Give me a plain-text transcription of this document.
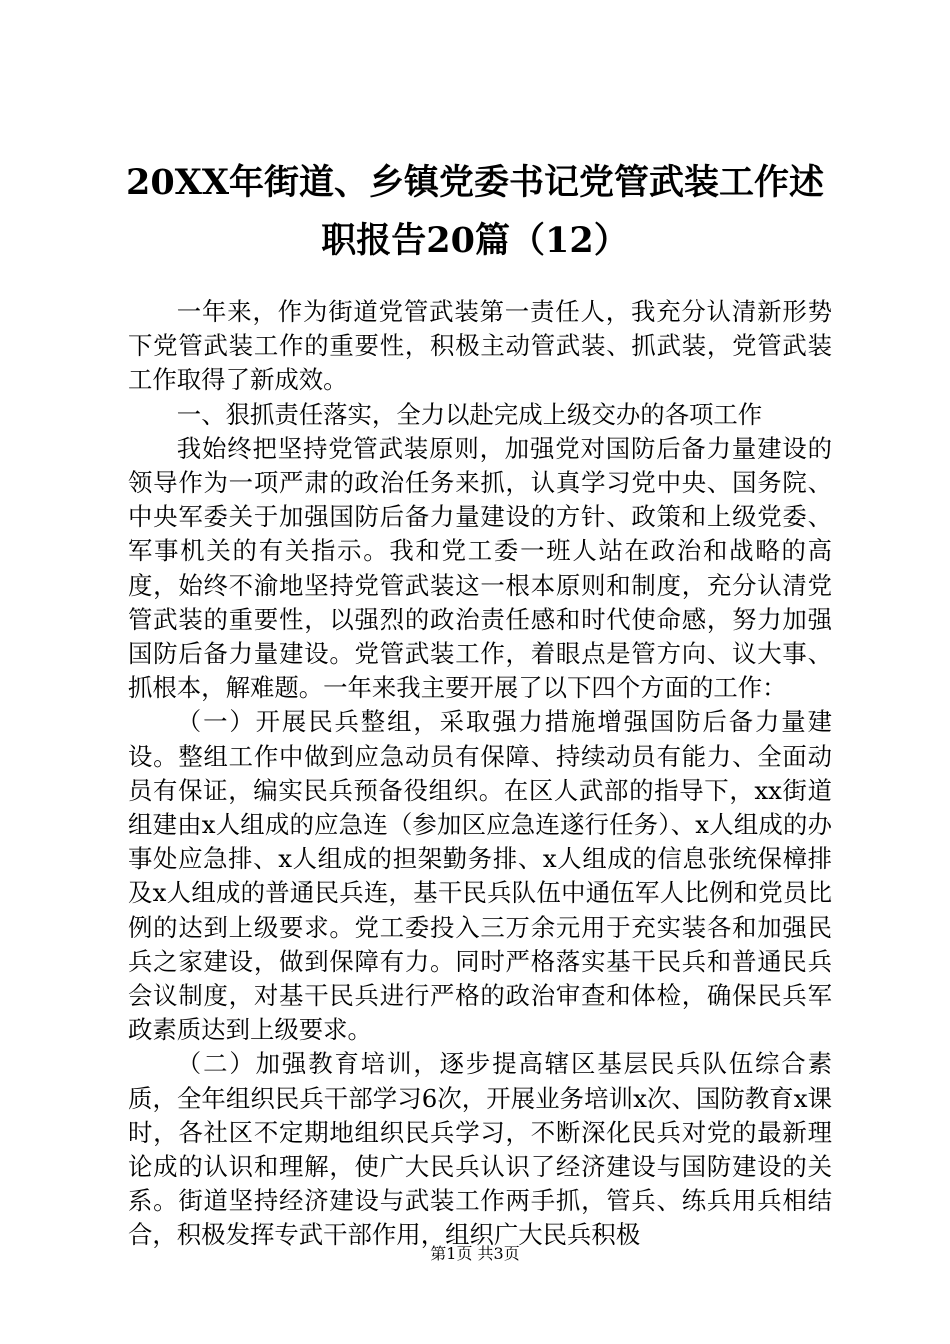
20XX年街道、乡镇党委书记党管武装工作述
职报告20篇（12）

一年来，作为街道党管武装第一责任人，我充分认清新形势下党管武装工作的重要性，积极主动管武装、抓武装，党管武装工作取得了新成效。

一、狠抓责任落实，全力以赴完成上级交办的各项工作

我始终把坚持党管武装原则，加强党对国防后备力量建设的领导作为一项严肃的政治任务来抓，认真学习党中央、国务院、中央军委关于加强国防后备力量建设的方针、政策和上级党委、军事机关的有关指示。我和党工委一班人站在政治和战略的高度，始终不渝地坚持党管武装这一根本原则和制度，充分认清党管武装的重要性，以强烈的政治责任感和时代使命感，努力加强国防后备力量建设。党管武装工作，着眼点是管方向、议大事、抓根本，解难题。一年来我主要开展了以下四个方面的工作：

（一）开展民兵整组，采取强力措施增强国防后备力量建设。整组工作中做到应急动员有保障、持续动员有能力、全面动员有保证，编实民兵预备役组织。在区人武部的指导下，xx街道组建由x人组成的应急连（参加区应急连遂行任务）、x人组成的办事处应急排、x人组成的担架勤务排、x人组成的信息张统保樟排及x人组成的普通民兵连，基干民兵队伍中通伍军人比例和党员比例的达到上级要求。党工委投入三万余元用于充实装各和加强民兵之家建设，做到保障有力。同时严格落实基干民兵和普通民兵会议制度，对基干民兵进行严格的政治审查和体检，确保民兵军政素质达到上级要求。

（二）加强教育培训，逐步提高辖区基层民兵队伍综合素质，全年组织民兵干部学习6次，开展业务培训x次、国防教育x课时，各社区不定期地组织民兵学习，不断深化民兵对党的最新理论成的认识和理解，使广大民兵认识了经济建设与国防建设的关系。街道坚持经济建设与武装工作两手抓，管兵、练兵用兵相结合，积极发挥专武干部作用，组织广大民兵积极

第1页 共3页
